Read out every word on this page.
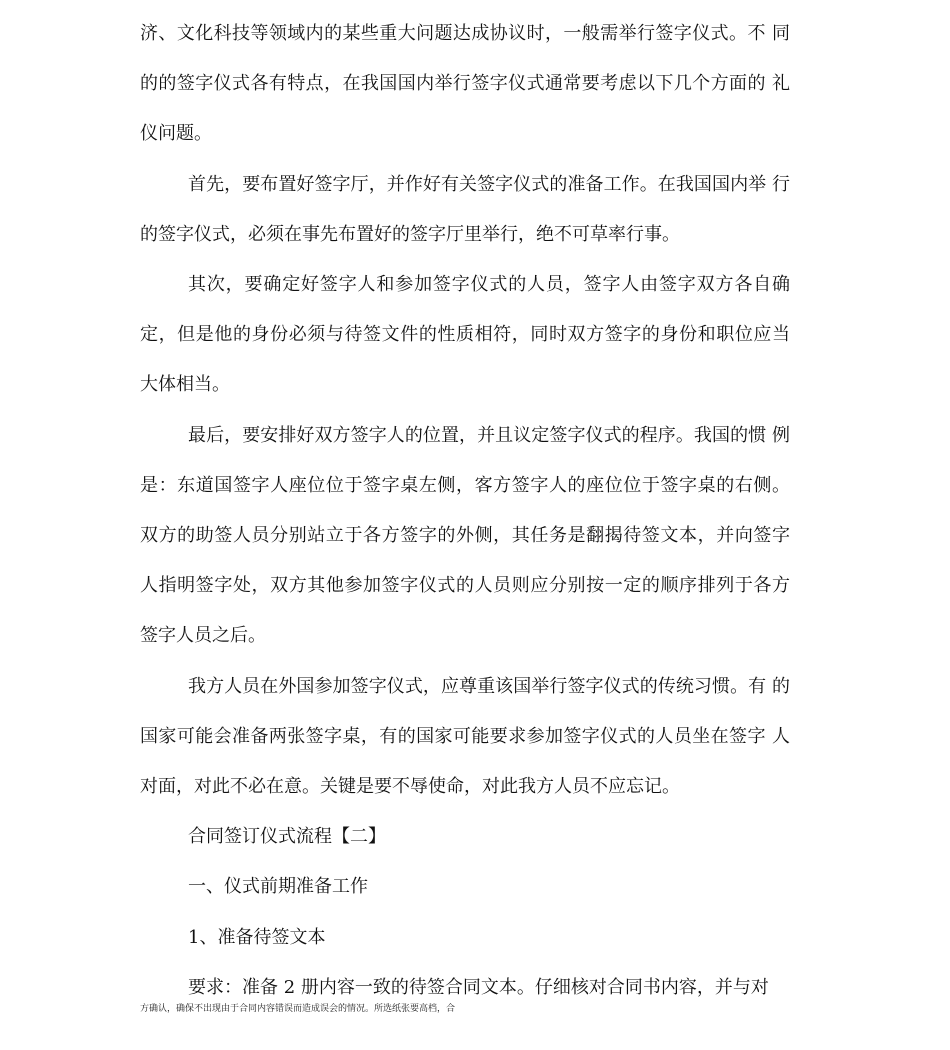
济、文化科技等领域内的某些重大问题达成协议时，一般需举行签字仪式。不 同
的的签字仪式各有特点，在我国国内举行签字仪式通常要考虑以下几个方面的 礼
仪问题。
首先，要布置好签字厅，并作好有关签字仪式的准备工作。在我国国内举 行
的签字仪式，必须在事先布置好的签字厅里举行，绝不可草率行事。
其次，要确定好签字人和参加签字仪式的人员，签字人由签字双方各自确
定，但是他的身份必须与待签文件的性质相符，同时双方签字的身份和职位应当
大体相当。
最后，要安排好双方签字人的位置，并且议定签字仪式的程序。我国的惯 例
是：东道国签字人座位位于签字桌左侧，客方签字人的座位位于签字桌的右侧。
双方的助签人员分别站立于各方签字的外侧，其任务是翻揭待签文本，并向签字
人指明签字处，双方其他参加签字仪式的人员则应分别按一定的顺序排列于各方
签字人员之后。
我方人员在外国参加签字仪式，应尊重该国举行签字仪式的传统习惯。有 的
国家可能会准备两张签字桌，有的国家可能要求参加签字仪式的人员坐在签字 人
对面，对此不必在意。关键是要不辱使命，对此我方人员不应忘记。
合同签订仪式流程【二】
一、仪式前期准备工作
1、准备待签文本
要求：准备 2 册内容一致的待签合同文本。仔细核对合同书内容，并与对
方确认，确保不出现由于合同内容错误而造成误会的情况。所选纸张要高档，合
